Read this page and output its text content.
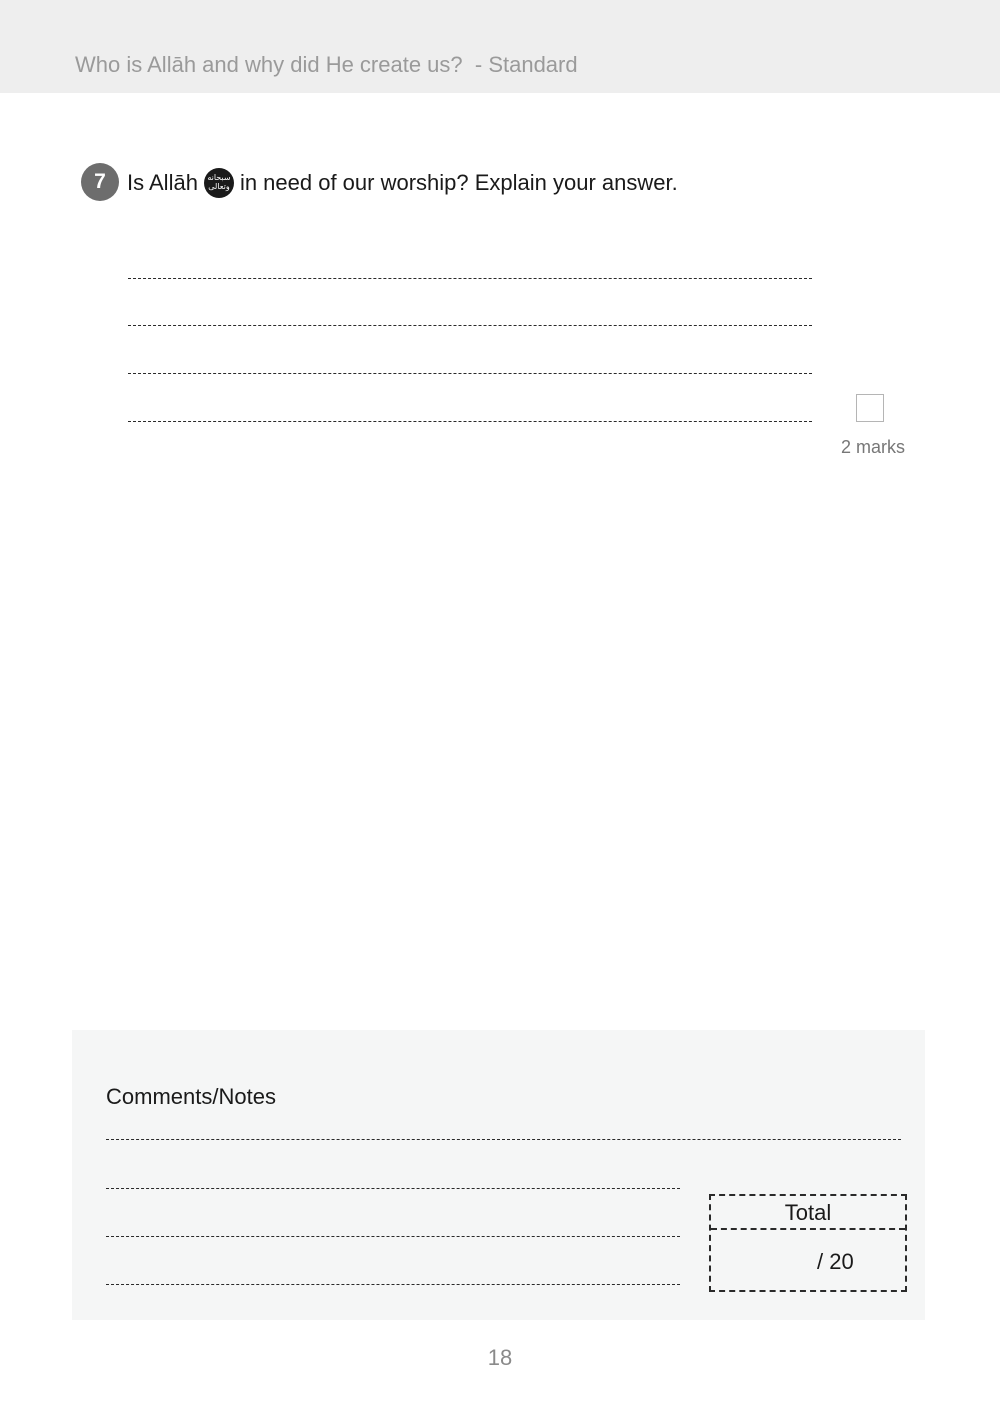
Who is Allāh and why did He create us?  - Standard
7 Is Allāh	سبحانه
وتعالى in need of our worship? Explain your answer.
2 marks
Comments/Notes
Total
/ 20
18
